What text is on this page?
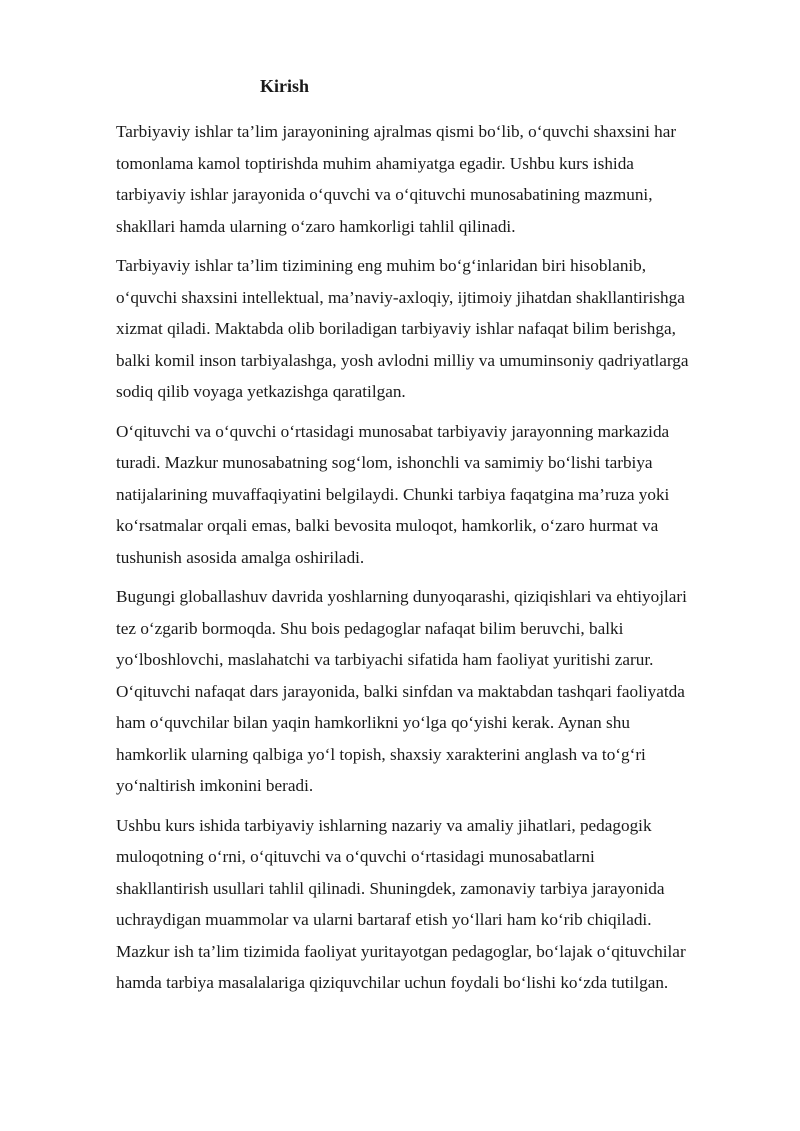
Kirish

Tarbiyaviy ishlar ta’lim jarayonining ajralmas qismi bo‘lib, o‘quvchi shaxsini har
tomonlama kamol toptirishda muhim ahamiyatga egadir. Ushbu kurs ishida
tarbiyaviy ishlar jarayonida o‘quvchi va o‘qituvchi munosabatining mazmuni,
shakllari hamda ularning o‘zaro hamkorligi tahlil qilinadi.

Tarbiyaviy ishlar ta’lim tizimining eng muhim bo‘g‘inlaridan biri hisoblanib,
o‘quvchi shaxsini intellektual, ma’naviy-axloqiy, ijtimoiy jihatdan shakllantirishga
xizmat qiladi. Maktabda olib boriladigan tarbiyaviy ishlar nafaqat bilim berishga,
balki komil inson tarbiyalashga, yosh avlodni milliy va umuminsoniy qadriyatlarga
sodiq qilib voyaga yetkazishga qaratilgan.

O‘qituvchi va o‘quvchi o‘rtasidagi munosabat tarbiyaviy jarayonning markazida
turadi. Mazkur munosabatning sog‘lom, ishonchli va samimiy bo‘lishi tarbiya
natijalarining muvaffaqiyatini belgilaydi. Chunki tarbiya faqatgina ma’ruza yoki
ko‘rsatmalar orqali emas, balki bevosita muloqot, hamkorlik, o‘zaro hurmat va
tushunish asosida amalga oshiriladi.

Bugungi globallashuv davrida yoshlarning dunyoqarashi, qiziqishlari va ehtiyojlari
tez o‘zgarib bormoqda. Shu bois pedagoglar nafaqat bilim beruvchi, balki
yo‘lboshlovchi, maslahatchi va tarbiyachi sifatida ham faoliyat yuritishi zarur.
O‘qituvchi nafaqat dars jarayonida, balki sinfdan va maktabdan tashqari faoliyatda
ham o‘quvchilar bilan yaqin hamkorlikni yo‘lga qo‘yishi kerak. Aynan shu
hamkorlik ularning qalbiga yo‘l topish, shaxsiy xarakterini anglash va to‘g‘ri
yo‘naltirish imkonini beradi.

Ushbu kurs ishida tarbiyaviy ishlarning nazariy va amaliy jihatlari, pedagogik
muloqotning o‘rni, o‘qituvchi va o‘quvchi o‘rtasidagi munosabatlarni
shakllantirish usullari tahlil qilinadi. Shuningdek, zamonaviy tarbiya jarayonida
uchraydigan muammolar va ularni bartaraf etish yo‘llari ham ko‘rib chiqiladi.
Mazkur ish ta’lim tizimida faoliyat yuritayotgan pedagoglar, bo‘lajak o‘qituvchilar
hamda tarbiya masalalariga qiziquvchilar uchun foydali bo‘lishi ko‘zda tutilgan.
